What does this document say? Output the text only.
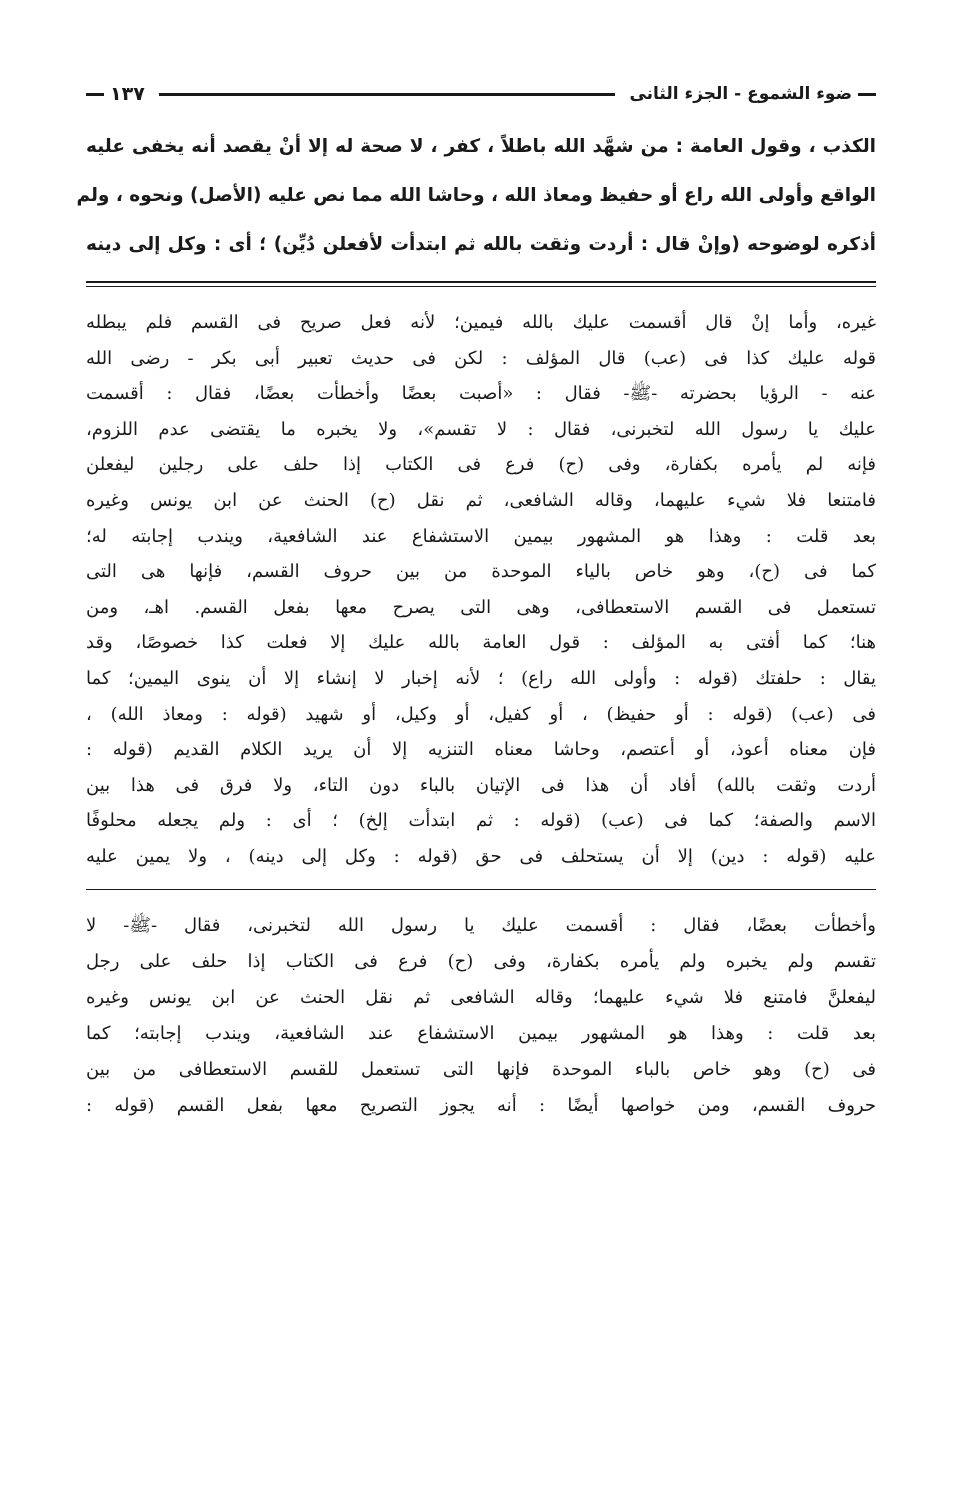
ضوء الشموع - الجزء الثانى
١٣٧

الكذب ، وقول العامة : من شهَّد الله باطلاً ، كفر ، لا صحة له إلا أنْ يقصد أنه يخفى عليه

الواقع وأولى الله راع أو حفيظ ومعاذ الله ، وحاشا الله مما نص عليه (الأصل) ونحوه ، ولم

أذكره لوضوحه (وإنْ قال : أردت وثقت بالله ثم ابتدأت لأفعلن دُيِّن) ؛ أى : وكل إلى دينه

غيره، وأما إنْ قال أقسمت عليك بالله فيمين؛ لأنه فعل صريح فى القسم فلم يبطله

قوله عليك كذا فى (عب) قال المؤلف : لكن فى حديث تعبير أبى بكر - رضى الله

عنه - الرؤيا بحضرته -ﷺ- فقال : «أصبت بعضًا وأخطأت بعضًا، فقال : أقسمت

عليك يا رسول الله لتخبرنى، فقال : لا تقسم»، ولا يخبره ما يقتضى عدم اللزوم،

فإنه لم يأمره بكفارة، وفى (ح) فرع فى الكتاب إذا حلف على رجلين ليفعلن

فامتنعا فلا شيء عليهما، وقاله الشافعى، ثم نقل (ح) الحنث عن ابن يونس وغيره

بعد قلت : وهذا هو المشهور بيمين الاستشفاع عند الشافعية، ويندب إجابته له؛

كما فى (ح)، وهو خاص بالياء الموحدة من بين حروف القسم، فإنها هى التى

تستعمل فى القسم الاستعطافى، وهى التى يصرح معها بفعل القسم. اهـ، ومن

هنا؛ كما أفتى به المؤلف : قول العامة بالله عليك إلا فعلت كذا خصوصًا، وقد

يقال : حلفتك (قوله : وأولى الله راع) ؛ لأنه إخبار لا إنشاء إلا أن ينوى اليمين؛ كما

فى (عب) (قوله : أو حفيظ) ، أو كفيل، أو وكيل، أو شهيد (قوله : ومعاذ الله) ،

فإن معناه أعوذ، أو أعتصم، وحاشا معناه التنزيه إلا أن يريد الكلام القديم (قوله :

أردت وثقت بالله) أفاد أن هذا فى الإتيان بالباء دون التاء، ولا فرق فى هذا بين

الاسم والصفة؛ كما فى (عب) (قوله : ثم ابتدأت إلخ) ؛ أى : ولم يجعله محلوفًا

عليه (قوله : دين) إلا أن يستحلف فى حق (قوله : وكل إلى دينه) ، ولا يمين عليه

وأخطأت بعضًا، فقال : أقسمت عليك يا رسول الله لتخبرنى، فقال -ﷺ- لا

تقسم ولم يخبره ولم يأمره بكفارة، وفى (ح) فرع فى الكتاب إذا حلف على رجل

ليفعلنَّ فامتنع فلا شيء عليهما؛ وقاله الشافعى ثم نقل الحنث عن ابن يونس وغيره

بعد قلت : وهذا هو المشهور بيمين الاستشفاع عند الشافعية، ويندب إجابته؛ كما

فى (ح) وهو خاص بالباء الموحدة فإنها التى تستعمل للقسم الاستعطافى من بين

حروف القسم، ومن خواصها أيضًا : أنه يجوز التصريح معها بفعل القسم (قوله :
